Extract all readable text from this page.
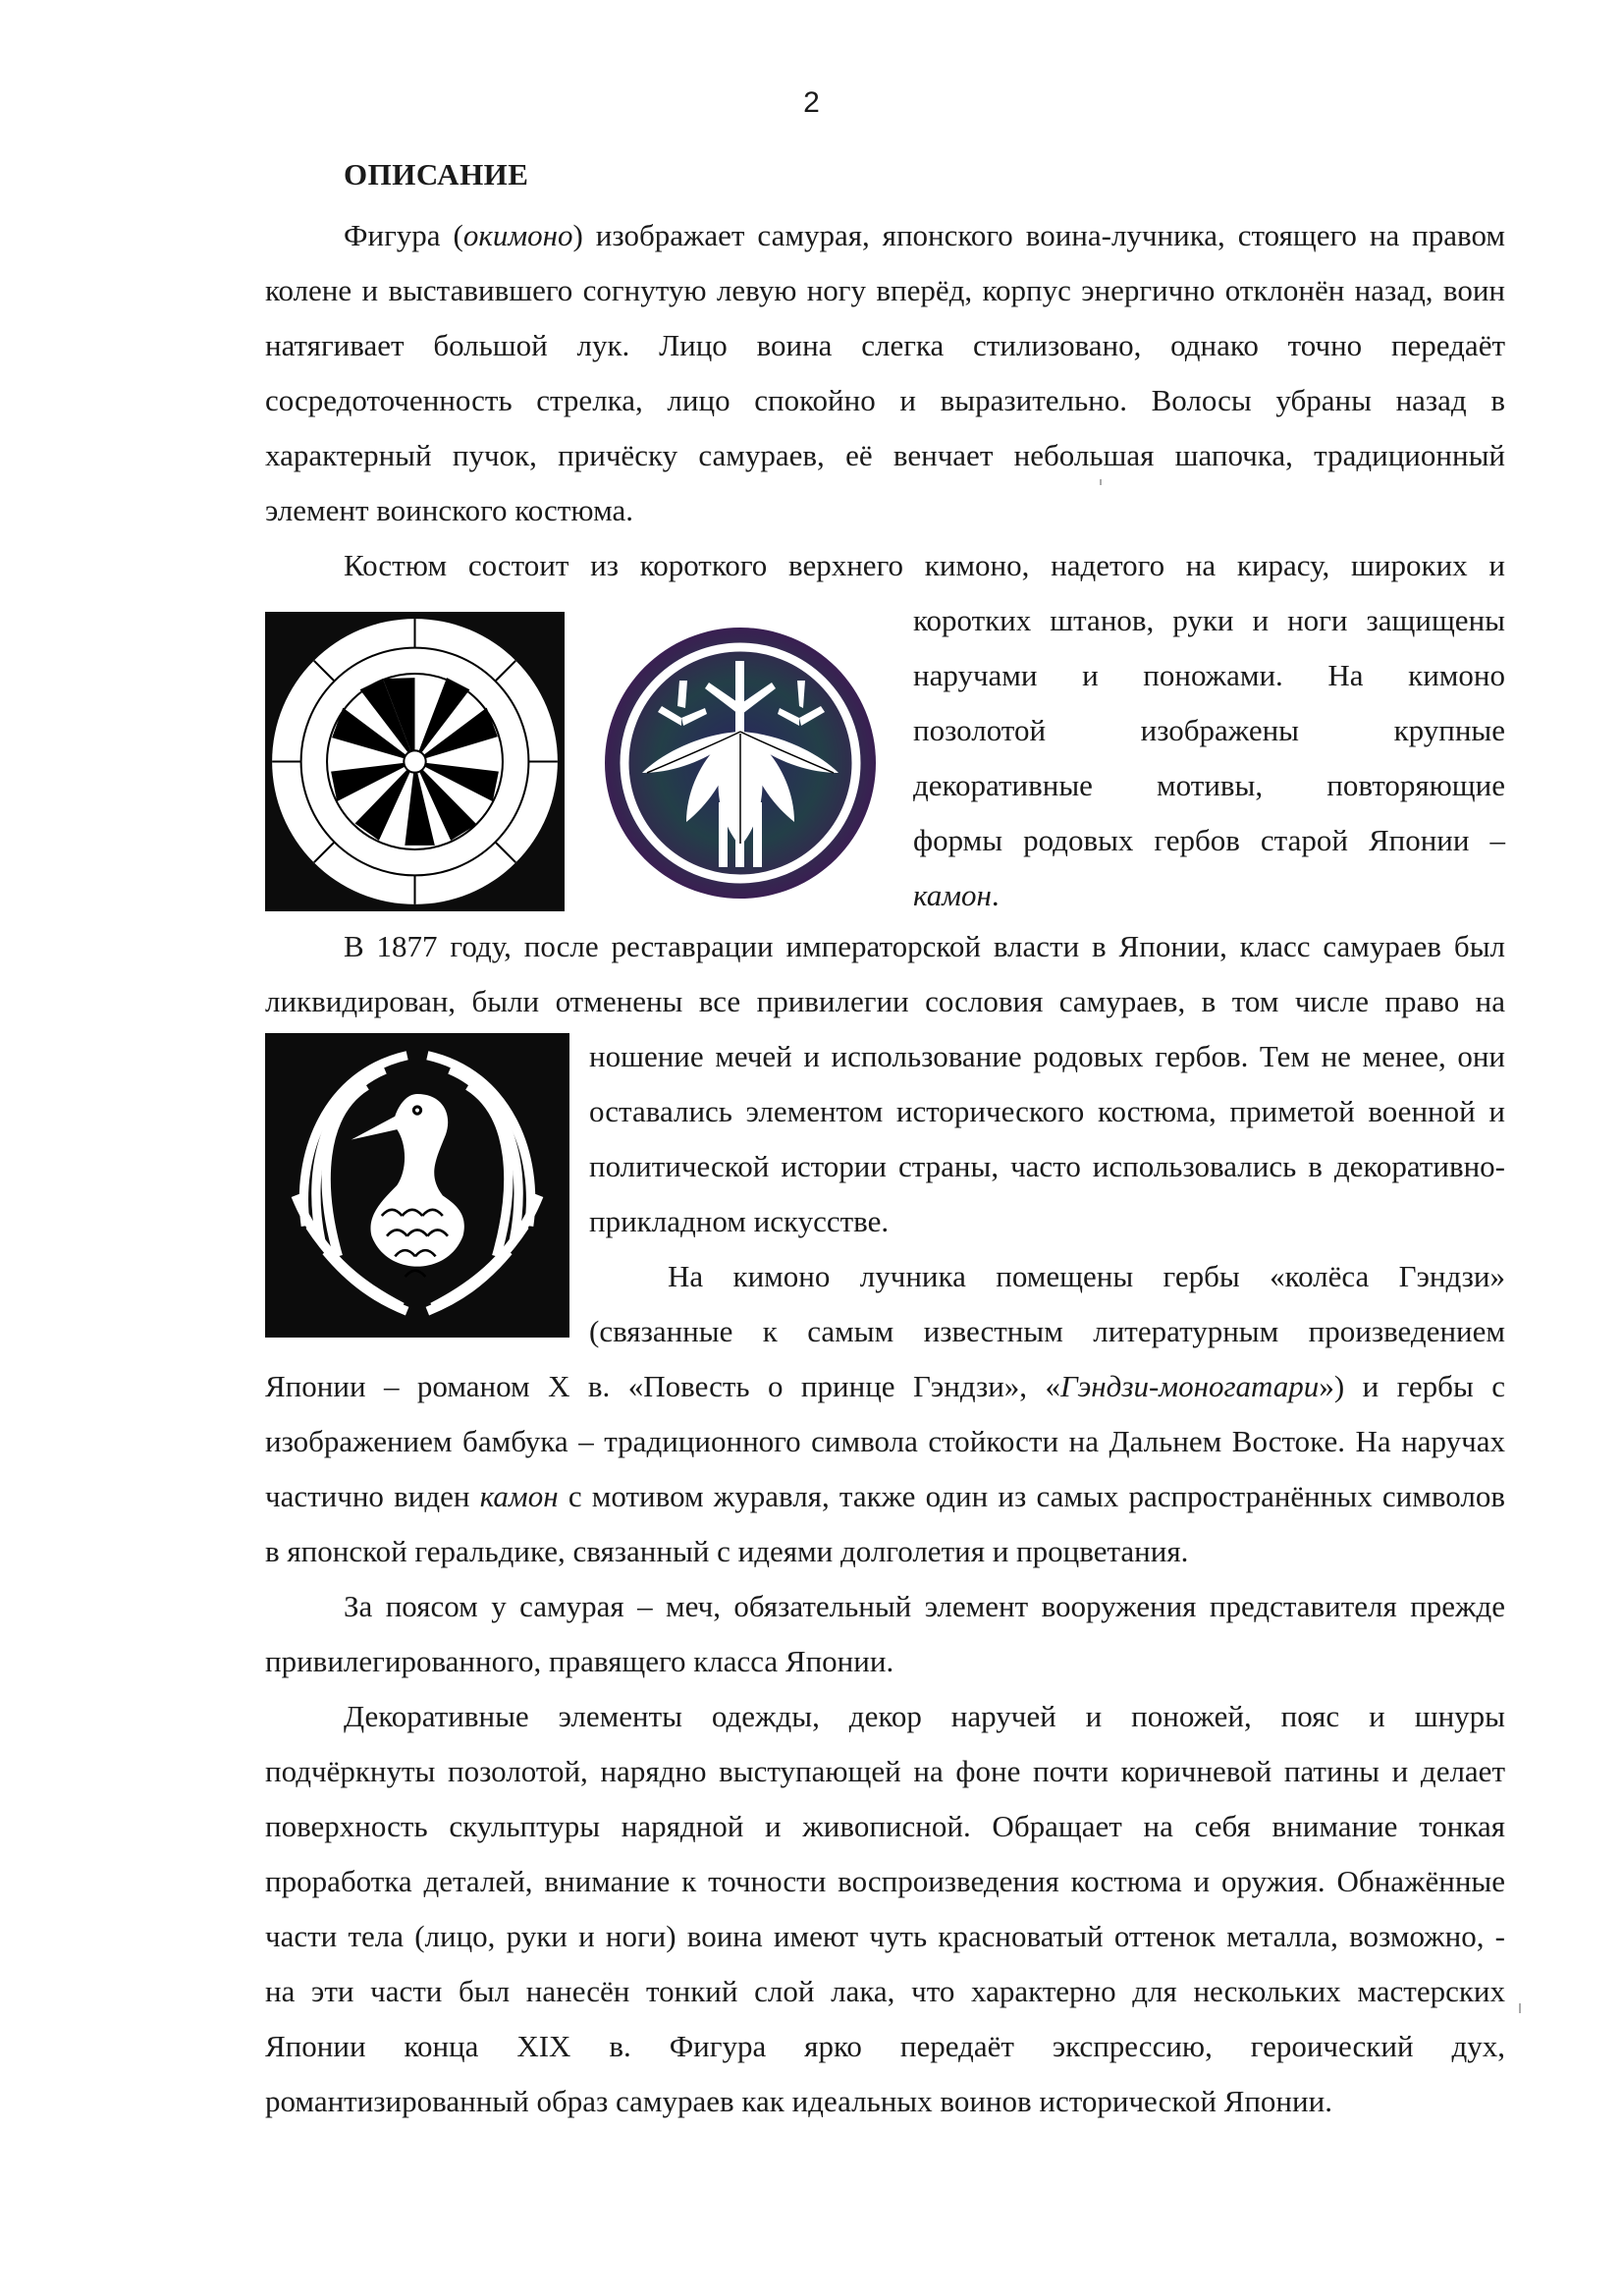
2
ОПИСАНИЕ
Фигура (окимоно) изображает самурая, японского воина-лучника, стоящего на правом
колене и выставившего согнутую левую ногу вперёд, корпус энергично отклонён назад, воин
натягивает большой лук. Лицо воина слегка стилизовано, однако точно передаёт
сосредоточенность стрелка, лицо спокойно и выразительно. Волосы убраны назад в
характерный пучок, причёску самураев, её венчает небольшая шапочка, традиционный
элемент воинского костюма.
Костюм состоит из короткого верхнего кимоно, надетого на кирасу, широких и
коротких штанов, руки и ноги защищены
наручами и поножами. На кимоно
позолотой изображены крупные
декоративные мотивы, повторяющие
формы родовых гербов старой Японии –
камон.
В 1877 году, после реставрации императорской власти в Японии, класс самураев был
ликвидирован, были отменены все привилегии сословия самураев, в том числе право на
ношение мечей и использование родовых гербов. Тем не менее, они
оставались элементом исторического костюма, приметой военной и
политической истории страны, часто использовались в декоративно-
прикладном искусстве.
На кимоно лучника помещены гербы «колёса Гэндзи»
(связанные к самым известным литературным произведением
Японии – романом X в. «Повесть о принце Гэндзи», «Гэндзи-моногатари») и гербы с
изображением бамбука – традиционного символа стойкости на Дальнем Востоке. На наручах
частично виден камон с мотивом журавля, также один из самых распространённых символов
в японской геральдике, связанный с идеями долголетия и процветания.
За поясом у самурая – меч, обязательный элемент вооружения представителя прежде
привилегированного, правящего класса Японии.
Декоративные элементы одежды, декор наручей и поножей, пояс и шнуры
подчёркнуты позолотой, нарядно выступающей на фоне почти коричневой патины и делает
поверхность скульптуры нарядной и живописной. Обращает на себя внимание тонкая
проработка деталей, внимание к точности воспроизведения костюма и оружия. Обнажённые
части тела (лицо, руки и ноги) воина имеют чуть красноватый оттенок металла, возможно, -
на эти части был нанесён тонкий слой лака, что характерно для нескольких мастерских
Японии конца XIX в. Фигура ярко передаёт экспрессию, героический дух,
романтизированный образ самураев как идеальных воинов исторической Японии.
